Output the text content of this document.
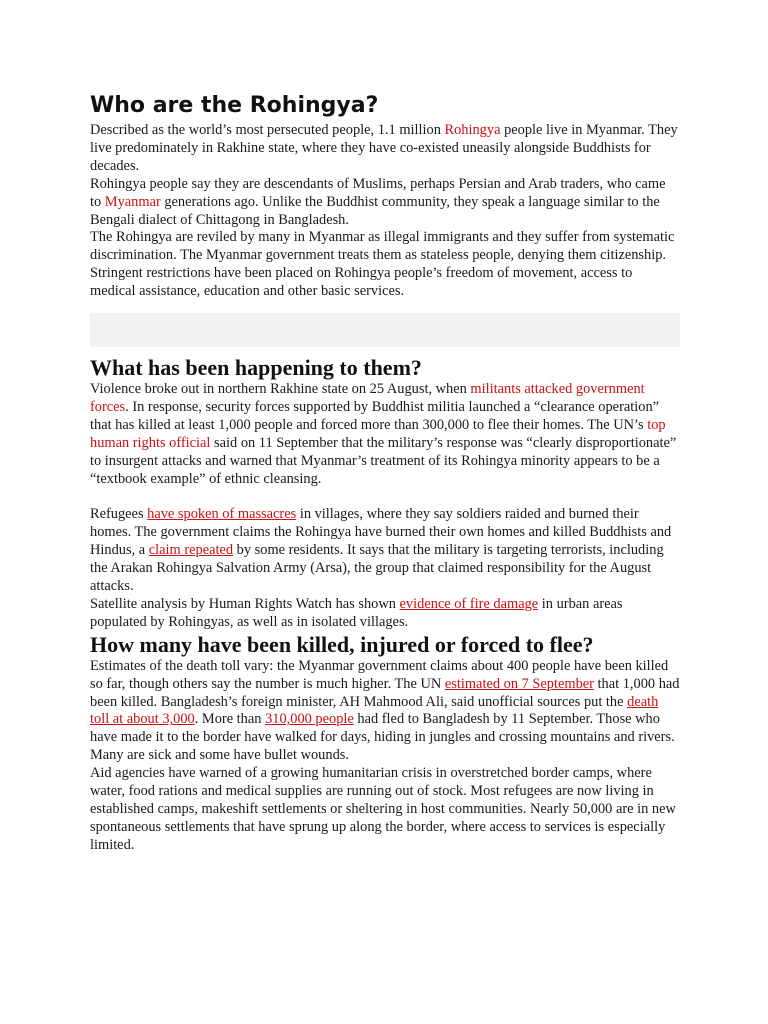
Who are the Rohingya?

Described as the world’s most persecuted people, 1.1 million Rohingya people live in Myanmar. They live predominately in Rakhine state, where they have co-existed uneasily alongside Buddhists for decades.

Rohingya people say they are descendants of Muslims, perhaps Persian and Arab traders, who came to Myanmar generations ago. Unlike the Buddhist community, they speak a language similar to the Bengali dialect of Chittagong in Bangladesh.

The Rohingya are reviled by many in Myanmar as illegal immigrants and they suffer from systematic discrimination. The Myanmar government treats them as stateless people, denying them citizenship. Stringent restrictions have been placed on Rohingya people’s freedom of movement, access to medical assistance, education and other basic services.

What has been happening to them?

Violence broke out in northern Rakhine state on 25 August, when militants attacked government forces. In response, security forces supported by Buddhist militia launched a “clearance operation” that has killed at least 1,000 people and forced more than 300,000 to flee their homes. The UN’s top human rights official said on 11 September that the military’s response was “clearly disproportionate” to insurgent attacks and warned that Myanmar’s treatment of its Rohingya minority appears to be a “textbook example” of ethnic cleansing.

Refugees have spoken of massacres in villages, where they say soldiers raided and burned their homes. The government claims the Rohingya have burned their own homes and killed Buddhists and Hindus, a claim repeated by some residents. It says that the military is targeting terrorists, including the Arakan Rohingya Salvation Army (Arsa), the group that claimed responsibility for the August attacks.

Satellite analysis by Human Rights Watch has shown evidence of fire damage in urban areas populated by Rohingyas, as well as in isolated villages.

How many have been killed, injured or forced to flee?

Estimates of the death toll vary: the Myanmar government claims about 400 people have been killed so far, though others say the number is much higher. The UN estimated on 7 September that 1,000 had been killed. Bangladesh’s foreign minister, AH Mahmood Ali, said unofficial sources put the death toll at about 3,000. More than 310,000 people had fled to Bangladesh by 11 September. Those who have made it to the border have walked for days, hiding in jungles and crossing mountains and rivers. Many are sick and some have bullet wounds.

Aid agencies have warned of a growing humanitarian crisis in overstretched border camps, where water, food rations and medical supplies are running out of stock. Most refugees are now living in established camps, makeshift settlements or sheltering in host communities. Nearly 50,000 are in new spontaneous settlements that have sprung up along the border, where access to services is especially limited.
